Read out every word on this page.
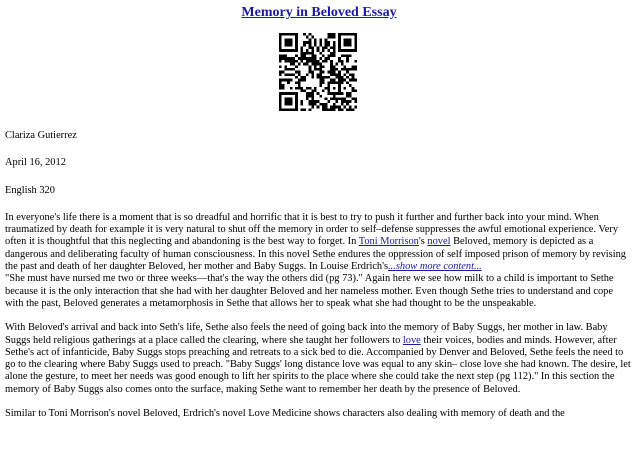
Memory in Beloved Essay

Clariza Gutierrez

April 16, 2012

English 320

In everyone's life there is a moment that is so dreadful and horrific that it is best to try to push it further and further back into your mind. When traumatized by death for example it is very natural to shut off the memory in order to self–defense suppresses the awful emotional experience. Very often it is thoughtful that this neglecting and abandoning is the best way to forget. In Toni Morrison's novel Beloved, memory is depicted as a dangerous and deliberating faculty of human consciousness. In this novel Sethe endures the oppression of self imposed prison of memory by revising the past and death of her daughter Beloved, her mother and Baby Suggs. In Louise Erdrich's...show more content...
"She must have nursed me two or three weeks––that's the way the others did (pg 73)." Again here we see how milk to a child is important to Sethe because it is the only interaction that she had with her daughter Beloved and her nameless mother. Even though Sethe tries to understand and cope with the past, Beloved generates a metamorphosis in Sethe that allows her to speak what she had thought to be the unspeakable.

With Beloved's arrival and back into Seth's life, Sethe also feels the need of going back into the memory of Baby Suggs, her mother in law. Baby Suggs held religious gatherings at a place called the clearing, where she taught her followers to love their voices, bodies and minds. However, after Sethe's act of infanticide, Baby Suggs stops preaching and retreats to a sick bed to die. Accompanied by Denver and Beloved, Sethe feels the need to go to the clearing where Baby Suggs used to preach. "Baby Suggs' long distance love was equal to any skin– close love she had known. The desire, let alone the gesture, to meet her needs was good enough to lift her spirits to the place where she could take the next step (pg 112)." In this section the memory of Baby Suggs also comes onto the surface, making Sethe want to remember her death by the presence of Beloved.

Similar to Toni Morrison's novel Beloved, Erdrich's novel Love Medicine shows characters also dealing with memory of death and the
